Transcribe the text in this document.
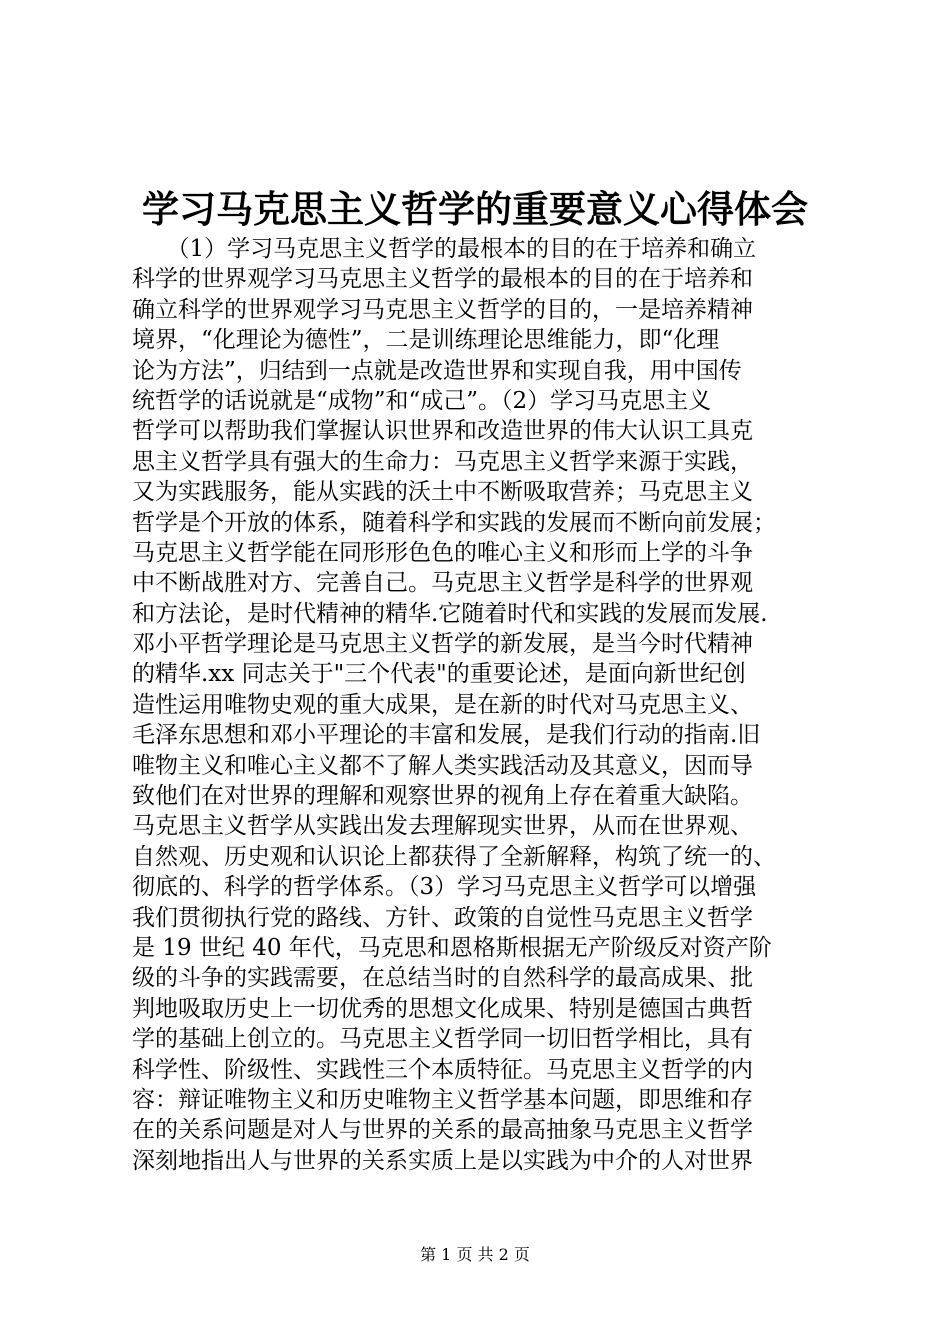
学习马克思主义哲学的重要意义心得体会
　　（1）学习马克思主义哲学的最根本的目的在于培养和确立
科学的世界观学习马克思主义哲学的最根本的目的在于培养和
确立科学的世界观学习马克思主义哲学的目的，一是培养精神
境界，“化理论为德性”，二是训练理论思维能力，即“化理
论为方法”，归结到一点就是改造世界和实现自我，用中国传
统哲学的话说就是“成物”和“成己”。（2）学习马克思主义
哲学可以帮助我们掌握认识世界和改造世界的伟大认识工具克
思主义哲学具有强大的生命力：马克思主义哲学来源于实践，
又为实践服务，能从实践的沃土中不断吸取营养；马克思主义
哲学是个开放的体系，随着科学和实践的发展而不断向前发展；
马克思主义哲学能在同形形色色的唯心主义和形而上学的斗争
中不断战胜对方、完善自己。马克思主义哲学是科学的世界观
和方法论，是时代精神的精华.它随着时代和实践的发展而发展.
邓小平哲学理论是马克思主义哲学的新发展，是当今时代精神
的精华.xx 同志关于"三个代表"的重要论述，是面向新世纪创
造性运用唯物史观的重大成果，是在新的时代对马克思主义、
毛泽东思想和邓小平理论的丰富和发展，是我们行动的指南.旧
唯物主义和唯心主义都不了解人类实践活动及其意义，因而导
致他们在对世界的理解和观察世界的视角上存在着重大缺陷。
马克思主义哲学从实践出发去理解现实世界，从而在世界观、
自然观、历史观和认识论上都获得了全新解释，构筑了统一的、
彻底的、科学的哲学体系。（3）学习马克思主义哲学可以增强
我们贯彻执行党的路线、方针、政策的自觉性马克思主义哲学
是 19 世纪 40 年代，马克思和恩格斯根据无产阶级反对资产阶
级的斗争的实践需要，在总结当时的自然科学的最高成果、批
判地吸取历史上一切优秀的思想文化成果、特别是德国古典哲
学的基础上创立的。马克思主义哲学同一切旧哲学相比，具有
科学性、阶级性、实践性三个本质特征。马克思主义哲学的内
容：辩证唯物主义和历史唯物主义哲学基本问题，即思维和存
在的关系问题是对人与世界的关系的最高抽象马克思主义哲学
深刻地指出人与世界的关系实质上是以实践为中介的人对世界
第 1 页 共 2 页
